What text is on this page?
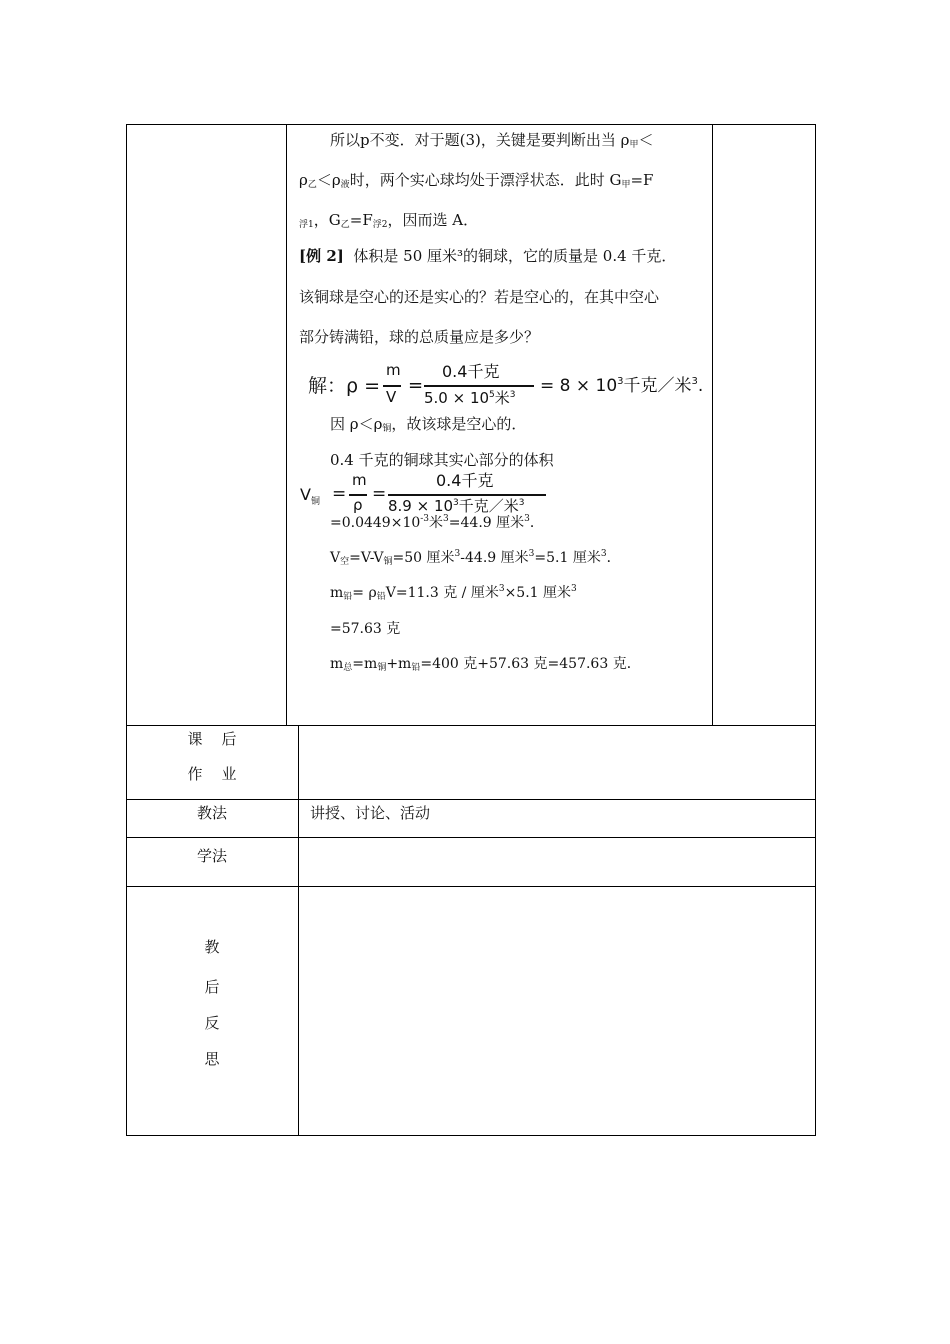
所以p不变．对于题(3)，关键是要判断出当 $\rho_甲<$
$\rho_乙<\rho_液$时，两个实心球均处于漂浮状态．此时 $G_甲=F$
$_{浮1}$，$G_乙=F_{浮2}$，因而选 A．
[例 2] 体积是 50 厘米³的铜球，它的质量是 0.4 千克．
该铜球是空心的还是实心的？若是空心的，在其中空心
部分铸满铅，球的总质量应是多少？
解：ρ =
m
V
=
0.4千克
$5.0 \times 10^5$米$^3 = 8 \times 10^3$千克／米$^3$.
因 $\rho<\rho_铜$，故该球是空心的．
0.4 千克的铜球其实心部分的体积
$V_铜$ =
m
ρ
=
0.4千克
$8.9 \times 10^3$千克／米$^3$
$=0.0449\times 10^{-3}$米$^3$=44.9 厘米$^3$．
$V_空=V-V_铜=50$ 厘米$^3$-44.9 厘米$^3$=5.1 厘米$^3$．
$m_铅= \rho_铅V=11.3$ 克 / 厘米$^3$×5.1 厘米$^3$
=57.63 克
$m_总=m_铜+m_铅=400$ 克+57.63 克=457.63 克．
课    后
作    业
教法	讲授、讨论、活动
学法
教
后
反
思
